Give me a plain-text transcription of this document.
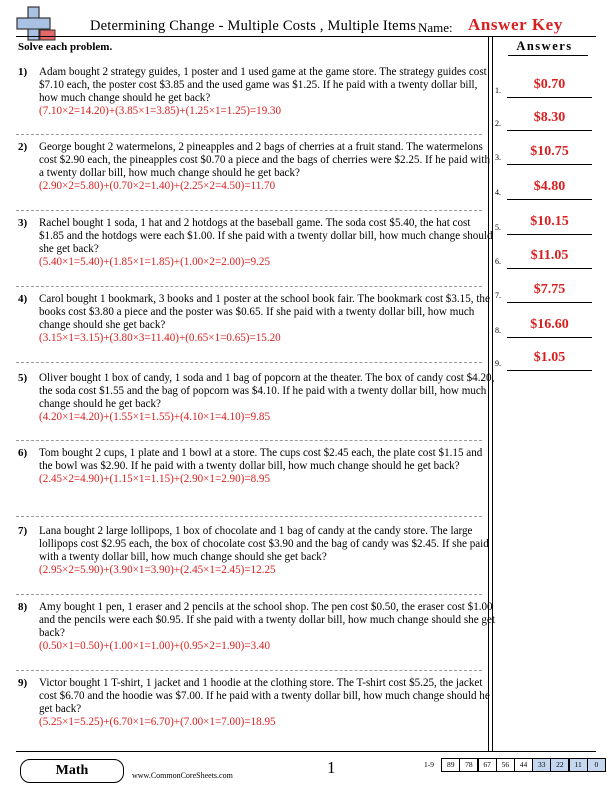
Determining Change - Multiple Costs , Multiple Items Name: Answer Key
Solve each problem.	Answers
1) Adam bought 2 strategy guides, 1 poster and 1 used game at the game store. The strategy guides cost $7.10 each, the poster cost $3.85 and the used game was $1.25. If he paid with a twenty dollar bill, how much change should he get back?
(7.10×2=14.20)+(3.85×1=3.85)+(1.25×1=1.25)=19.30
2) George bought 2 watermelons, 2 pineapples and 2 bags of cherries at a fruit stand. The watermelons cost $2.90 each, the pineapples cost $0.70 a piece and the bags of cherries were $2.25. If he paid with a twenty dollar bill, how much change should he get back?
(2.90×2=5.80)+(0.70×2=1.40)+(2.25×2=4.50)=11.70
3) Rachel bought 1 soda, 1 hat and 2 hotdogs at the baseball game. The soda cost $5.40, the hat cost $1.85 and the hotdogs were each $1.00. If she paid with a twenty dollar bill, how much change should she get back?
(5.40×1=5.40)+(1.85×1=1.85)+(1.00×2=2.00)=9.25
4) Carol bought 1 bookmark, 3 books and 1 poster at the school book fair. The bookmark cost $3.15, the books cost $3.80 a piece and the poster was $0.65. If she paid with a twenty dollar bill, how much change should she get back?
(3.15×1=3.15)+(3.80×3=11.40)+(0.65×1=0.65)=15.20
5) Oliver bought 1 box of candy, 1 soda and 1 bag of popcorn at the theater. The box of candy cost $4.20, the soda cost $1.55 and the bag of popcorn was $4.10. If he paid with a twenty dollar bill, how much change should he get back?
(4.20×1=4.20)+(1.55×1=1.55)+(4.10×1=4.10)=9.85
6) Tom bought 2 cups, 1 plate and 1 bowl at a store. The cups cost $2.45 each, the plate cost $1.15 and the bowl was $2.90. If he paid with a twenty dollar bill, how much change should he get back?
(2.45×2=4.90)+(1.15×1=1.15)+(2.90×1=2.90)=8.95
7) Lana bought 2 large lollipops, 1 box of chocolate and 1 bag of candy at the candy store. The large lollipops cost $2.95 each, the box of chocolate cost $3.90 and the bag of candy was $2.45. If she paid with a twenty dollar bill, how much change should she get back?
(2.95×2=5.90)+(3.90×1=3.90)+(2.45×1=2.45)=12.25
8) Amy bought 1 pen, 1 eraser and 2 pencils at the school shop. The pen cost $0.50, the eraser cost $1.00 and the pencils were each $0.95. If she paid with a twenty dollar bill, how much change should she get back?
(0.50×1=0.50)+(1.00×1=1.00)+(0.95×2=1.90)=3.40
9) Victor bought 1 T-shirt, 1 jacket and 1 hoodie at the clothing store. The T-shirt cost $5.25, the jacket cost $6.70 and the hoodie was $7.00. If he paid with a twenty dollar bill, how much change should he get back?
(5.25×1=5.25)+(6.70×1=6.70)+(7.00×1=7.00)=18.95
1.	$0.70
2.	$8.30
3.	$10.75
4.	$4.80
5.	$10.15
6.	$11.05
7.	$7.75
8.	$16.60
9.	$1.05
Math	www.CommonCoreSheets.com	1	1-9	89	78	67	56	44	33	22	11	0
